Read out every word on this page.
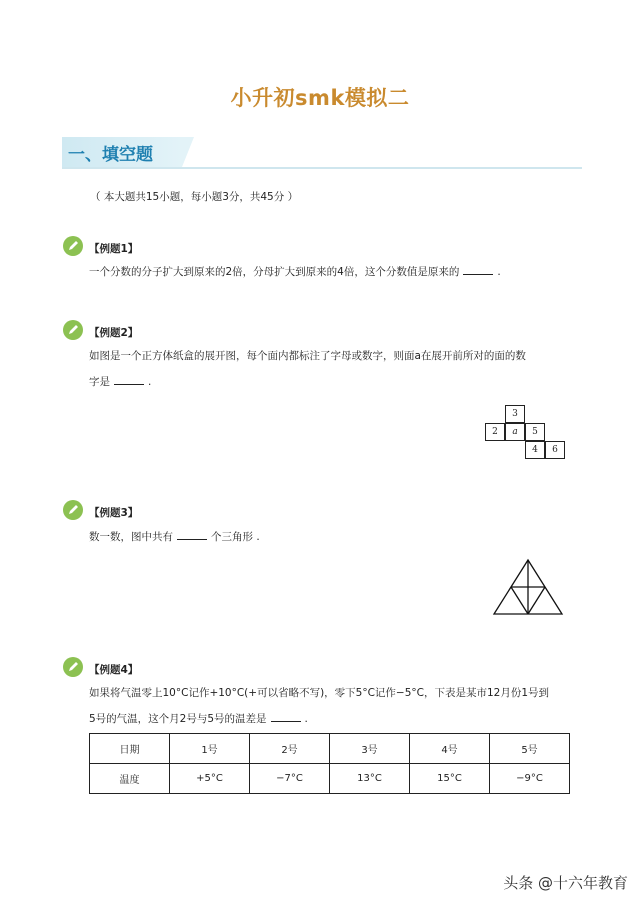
小升初smk模拟二
一、填空题
（ 本大题共15小题，每小题3分，共45分 ）
【例题1】
一个分数的分子扩大到原来的2倍，分母扩大到原来的4倍，这个分数值是原来的	.
【例题2】
如图是一个正方体纸盒的展开图，每个面内都标注了字母或数字，则面a在展开前所对的面的数
字是	.
3
2	a	5
4	6
【例题3】
数一数，图中共有	个三角形 .
【例题4】
如果将气温零上10°C记作+10°C(+可以省略不写)，零下5°C记作−5°C，下表是某市12月份1号到
5号的气温，这个月2号与5号的温差是	.
日期	1号	2号	3号	4号	5号
温度	+5°C	−7°C	13°C	15°C	−9°C
头条 @十六年教育
